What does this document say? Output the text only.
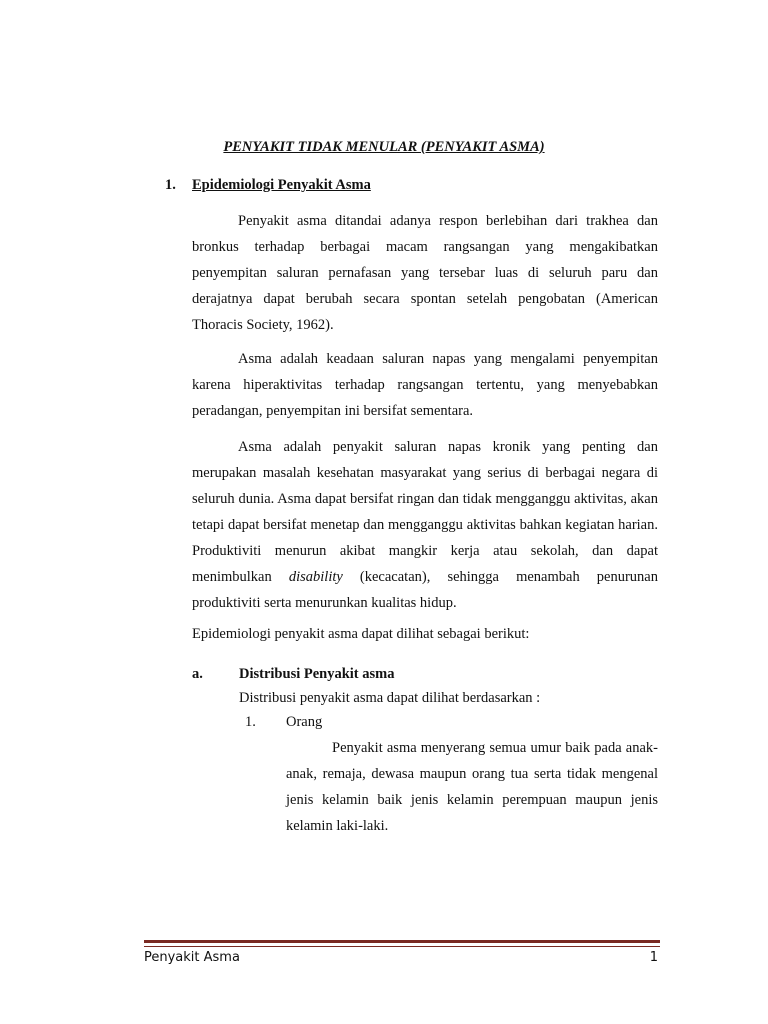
PENYAKIT TIDAK MENULAR (PENYAKIT ASMA)
1. Epidemiologi Penyakit Asma

Penyakit asma ditandai adanya respon berlebihan dari trakhea dan bronkus terhadap berbagai macam rangsangan yang mengakibatkan penyempitan saluran pernafasan yang tersebar luas di seluruh paru dan derajatnya dapat berubah secara spontan setelah pengobatan (American Thoracis Society, 1962).

Asma adalah keadaan saluran napas yang mengalami penyempitan karena hiperaktivitas terhadap rangsangan tertentu, yang menyebabkan peradangan, penyempitan ini bersifat sementara.

Asma adalah penyakit saluran napas kronik yang penting dan merupakan masalah kesehatan masyarakat yang serius di berbagai negara di seluruh dunia. Asma dapat bersifat ringan dan tidak mengganggu aktivitas, akan tetapi dapat bersifat menetap dan mengganggu aktivitas bahkan kegiatan harian. Produktiviti menurun akibat mangkir kerja atau sekolah, dan dapat menimbulkan disability (kecacatan), sehingga menambah penurunan produktiviti serta menurunkan kualitas hidup.

Epidemiologi penyakit asma dapat dilihat sebagai berikut:
a. Distribusi Penyakit asma
Distribusi penyakit asma dapat dilihat berdasarkan :
1. Orang

Penyakit asma menyerang semua umur baik pada anak-anak, remaja, dewasa maupun orang tua serta tidak mengenal jenis kelamin baik jenis kelamin perempuan maupun jenis kelamin laki-laki.

Penyakit Asma	1
